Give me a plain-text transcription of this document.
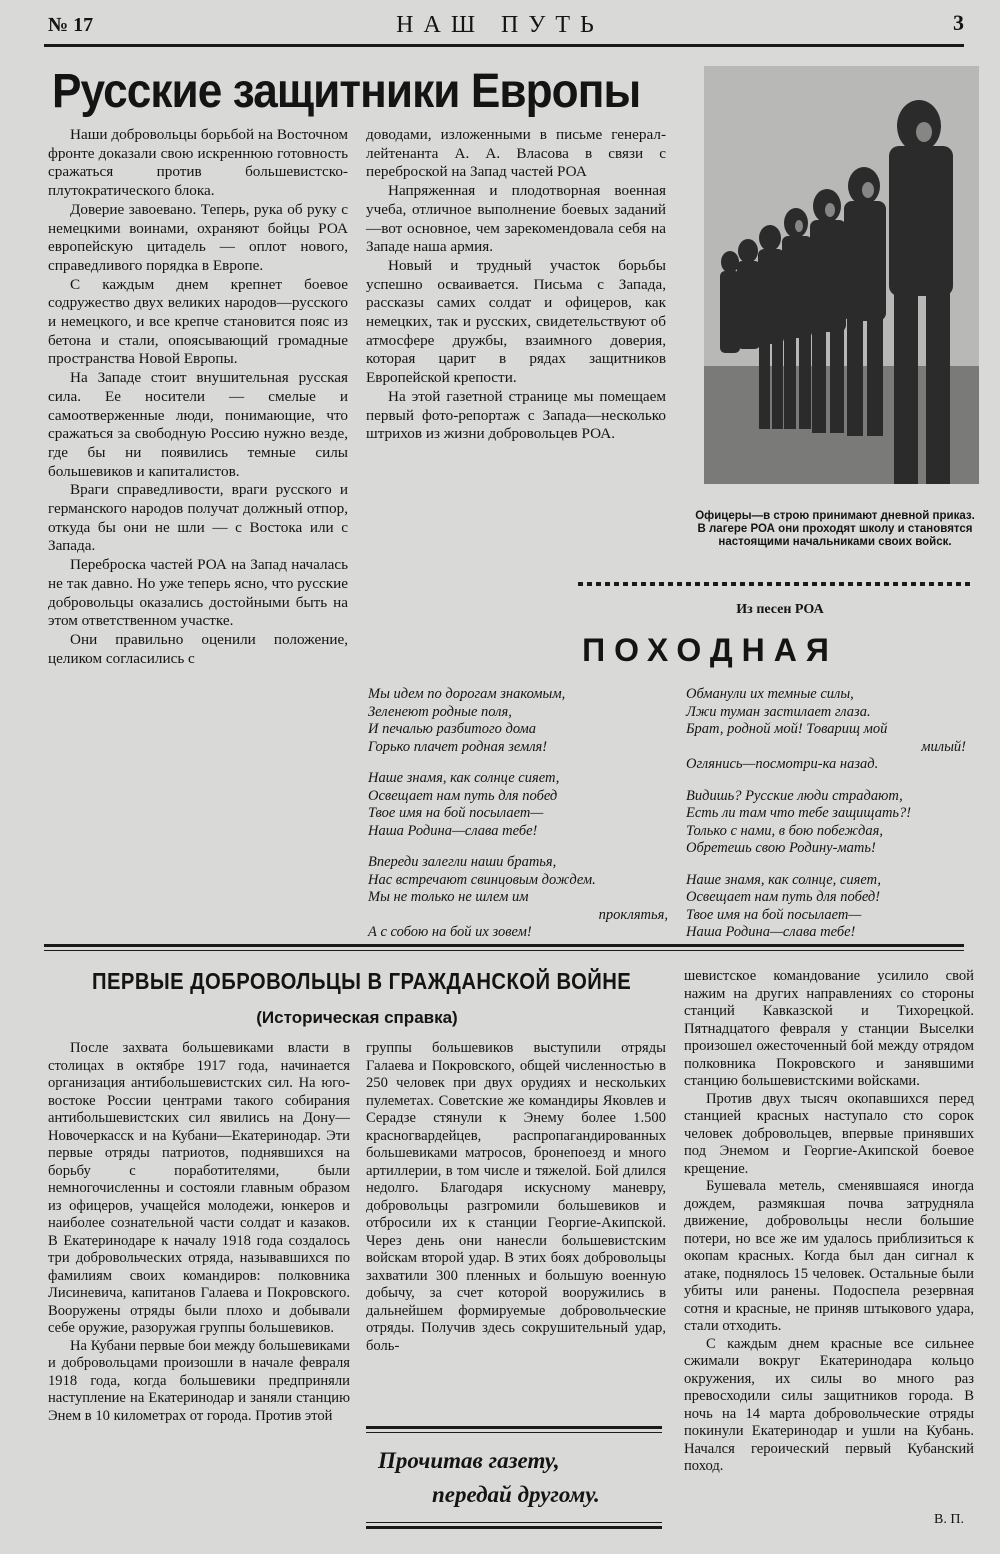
№ 17	НАШ ПУТЬ	3
Русские защитники Европы

Наши добровольцы борьбой на Восточном фронте доказали свою искреннюю готовность сражаться против большевистско-плутократического блока.

Доверие завоевано. Теперь, рука об руку с немецкими воинами, охраняют бойцы РОА европейскую цитадель — оплот нового, справедливого порядка в Европе.

С каждым днем крепнет боевое содружество двух великих народов—русского и немецкого, и все крепче становится пояс из бетона и стали, опоясывающий громадные пространства Новой Европы.

На Западе стоит внушительная русская сила. Ее носители — смелые и самоотверженные люди, понимающие, что сражаться за свободную Россию нужно везде, где бы ни появились темные силы большевиков и капиталистов.

Враги справедливости, враги русского и германского народов получат должный отпор, откуда бы они не шли — с Востока или с Запада.

Переброска частей РОА на Запад началась не так давно. Но уже теперь ясно, что русские добровольцы оказались достойными быть на этом ответственном участке.

Они правильно оценили положение, целиком согласились с

доводами, изложенными в письме генерал-лейтенанта А. А. Власова в связи с переброской на Запад частей РОА

Напряженная и плодотворная военная учеба, отличное выполнение боевых заданий—вот основное, чем зарекомендовала себя на Западе наша армия.

Новый и трудный участок борьбы успешно осваивается. Письма с Запада, рассказы самих солдат и офицеров, как немецких, так и русских, свидетельствуют об атмосфере дружбы, взаимного доверия, которая царит в рядах защитников Европейской крепости.

На этой газетной странице мы помещаем первый фото-репортаж с Запада—несколько штрихов из жизни добровольцев РОА.

Офицеры—в строю принимают дневной приказ. В лагере РОА они проходят школу и становятся настоящими начальниками своих войск.
Из песен РОА
ПОХОДНАЯ
Мы идем по дорогам знакомым,
Зеленеют родные поля,
И печалью разбитого дома
Горько плачет родная земля!
Наше знамя, как солнце сияет,
Освещает нам путь для побед
Твое имя на бой посылает—
Наша Родина—слава тебе!
Впереди залегли наши братья,
Нас встречают свинцовым дождем.
Мы не только не шлем им
проклятья,
А с собою на бой их зовем!
Обманули их темные силы,
Лжи туман застилает глаза.
Брат, родной мой! Товарищ мой
милый!
Оглянись—посмотри-ка назад.
Видишь? Русские люди страдают,
Есть ли там что тебе защищать?!
Только с нами, в бою побеждая,
Обретешь свою Родину-мать!
Наше знамя, как солнце, сияет,
Освещает нам путь для побед!
Твое имя на бой посылает—
Наша Родина—слава тебе!
ПЕРВЫЕ ДОБРОВОЛЬЦЫ В ГРАЖДАНСКОЙ ВОЙНЕ
(Историческая справка)

После захвата большевиками власти в столицах в октябре 1917 года, начинается организация антибольшевистских сил. На юго-востоке России центрами такого собирания антибольшевистских сил явились на Дону—Новочеркасск и на Кубани—Екатеринодар. Эти первые отряды патриотов, поднявшихся на борьбу с поработителями, были немногочисленны и состояли главным образом из офицеров, учащейся молодежи, юнкеров и наиболее сознательной части солдат и казаков. В Екатеринодаре к началу 1918 года создалось три добровольческих отряда, называвшихся по фамилиям своих командиров: полковника Лисиневича, капитанов Галаева и Покровского. Вооружены отряды были плохо и добывали себе оружие, разоружая группы большевиков.

На Кубани первые бои между большевиками и добровольцами произошли в начале февраля 1918 года, когда большевики предприняли наступление на Екатеринодар и заняли станцию Энем в 10 километрах от города. Против этой

группы большевиков выступили отряды Галаева и Покровского, общей численностью в 250 человек при двух орудиях и нескольких пулеметах. Советские же командиры Яковлев и Серадзе стянули к Энему более 1.500 красногвардейцев, распропагандированных большевиками матросов, бронепоезд и много артиллерии, в том числе и тяжелой. Бой длился недолго. Благодаря искусному маневру, добровольцы разгромили большевиков и отбросили их к станции Георгие-Акипской. Через день они нанесли большевистским войскам второй удар. В этих боях добровольцы захватили 300 пленных и большую военную добычу, за счет которой вооружились в дальнейшем формируемые добровольческие отряды. Получив здесь сокрушительный удар, боль-

шевистское командование усилило свой нажим на других направлениях со стороны станций Кавказской и Тихорецкой. Пятнадцатого февраля у станции Выселки произошел ожесточенный бой между отрядом полковника Покровского и занявшими станцию большевистскими войсками.

Против двух тысяч окопавшихся перед станцией красных наступало сто сорок человек добровольцев, впервые принявших под Энемом и Георгие-Акипской боевое крещение.

Бушевала метель, сменявшаяся иногда дождем, размякшая почва затрудняла движение, добровольцы несли большие потери, но все же им удалось приблизиться к окопам красных. Когда был дан сигнал к атаке, поднялось 15 человек. Остальные были убиты или ранены. Подоспела резервная сотня и красные, не приняв штыкового удара, стали отходить.

С каждым днем красные все сильнее сжимали вокруг Екатеринодара кольцо окружения, их силы во много раз превосходили силы защитников города. В ночь на 14 марта добровольческие отряды покинули Екатеринодар и ушли на Кубань. Начался героический первый Кубанский поход.

В. П.
Прочитав газету,
передай другому.
